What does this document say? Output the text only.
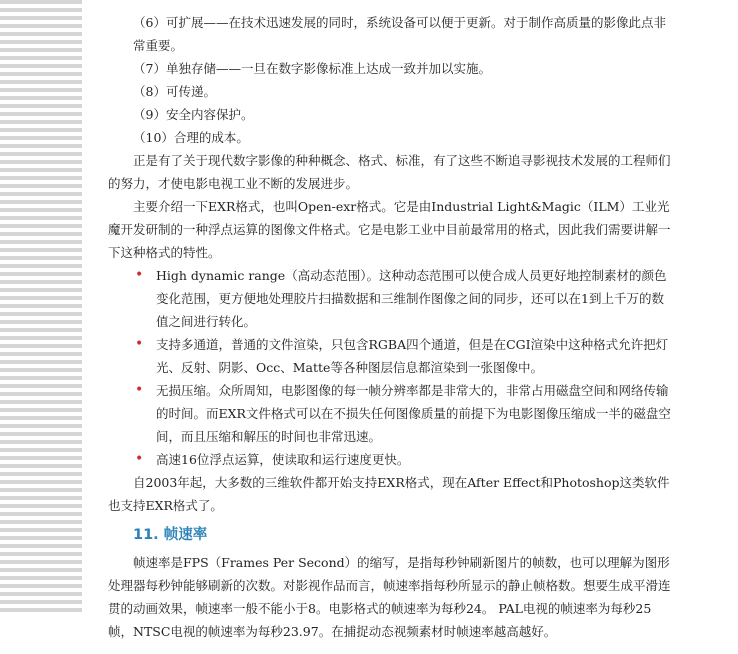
（6）可扩展——在技术迅速发展的同时，系统设备可以便于更新。对于制作高质量的影像此点非常重要。

（7）单独存储——一旦在数字影像标准上达成一致并加以实施。

（8）可传递。

（9）安全内容保护。

（10）合理的成本。

正是有了关于现代数字影像的种种概念、格式、标准，有了这些不断追寻影视技术发展的工程师们的努力，才使电影电视工业不断的发展进步。

主要介绍一下EXR格式，也叫Open-exr格式。它是由Industrial Light&Magic（ILM）工业光魔开发研制的一种浮点运算的图像文件格式。它是电影工业中目前最常用的格式，因此我们需要讲解一下这种格式的特性。

• High dynamic range（高动态范围）。这种动态范围可以使合成人员更好地控制素材的颜色变化范围，更方便地处理胶片扫描数据和三维制作图像之间的同步，还可以在1到上千万的数值之间进行转化。
• 支持多通道，普通的文件渲染，只包含RGBA四个通道，但是在CGI渲染中这种格式允许把灯光、反射、阴影、Occ、Matte等各种图层信息都渲染到一张图像中。
• 无损压缩。众所周知，电影图像的每一帧分辨率都是非常大的，非常占用磁盘空间和网络传输的时间。而EXR文件格式可以在不损失任何图像质量的前提下为电影图像压缩成一半的磁盘空间，而且压缩和解压的时间也非常迅速。
• 高速16位浮点运算，使读取和运行速度更快。

自2003年起，大多数的三维软件都开始支持EXR格式，现在After Effect和Photoshop这类软件也支持EXR格式了。

11. 帧速率

帧速率是FPS（Frames Per Second）的缩写，是指每秒钟刷新图片的帧数，也可以理解为图形处理器每秒钟能够刷新的次数。对影视作品而言，帧速率指每秒所显示的静止帧格数。想要生成平滑连贯的动画效果，帧速率一般不能小于8。电影格式的帧速率为每秒24。 PAL电视的帧速率为每秒25帧，NTSC电视的帧速率为每秒23.97。在捕捉动态视频素材时帧速率越高越好。
